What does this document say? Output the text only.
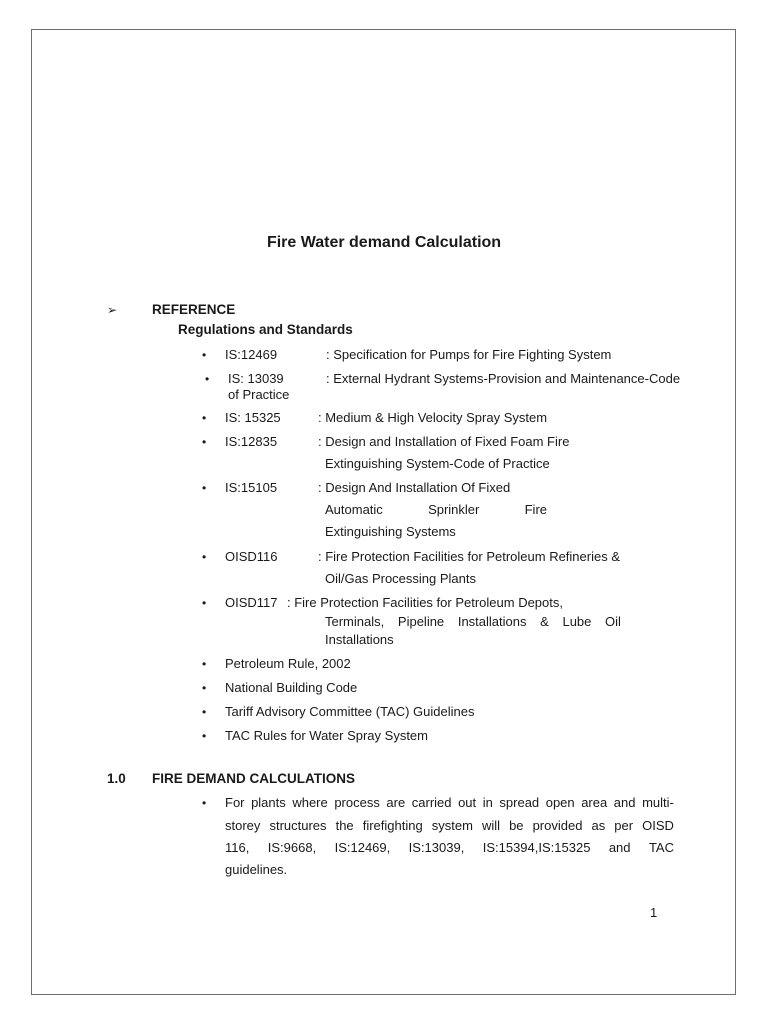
Fire Water demand Calculation
➢	REFERENCE
Regulations and Standards
• IS:12469	: Specification for Pumps for Fire Fighting System
• IS: 13039	: External Hydrant Systems-Provision and Maintenance-Code
of Practice
• IS: 15325	: Medium & High Velocity Spray System
• IS:12835	: Design and Installation of Fixed Foam Fire
Extinguishing System-Code of Practice
• IS:15105	: Design And Installation Of Fixed
Automatic	Sprinkler	Fire
Extinguishing Systems
• OISD116	: Fire Protection Facilities for Petroleum Refineries &
Oil/Gas Processing Plants
• OISD117 : Fire Protection Facilities for Petroleum Depots,
Terminals, Pipeline Installations & Lube Oil
Installations
• Petroleum Rule, 2002
• National Building Code
• Tariff Advisory Committee (TAC) Guidelines
• TAC Rules for Water Spray System
1.0 FIRE DEMAND CALCULATIONS
• For plants where process are carried out in spread open area and multi-
storey structures the firefighting system will be provided as per OISD
116, IS:9668, IS:12469, IS:13039, IS:15394,IS:15325 and TAC
guidelines.
1
